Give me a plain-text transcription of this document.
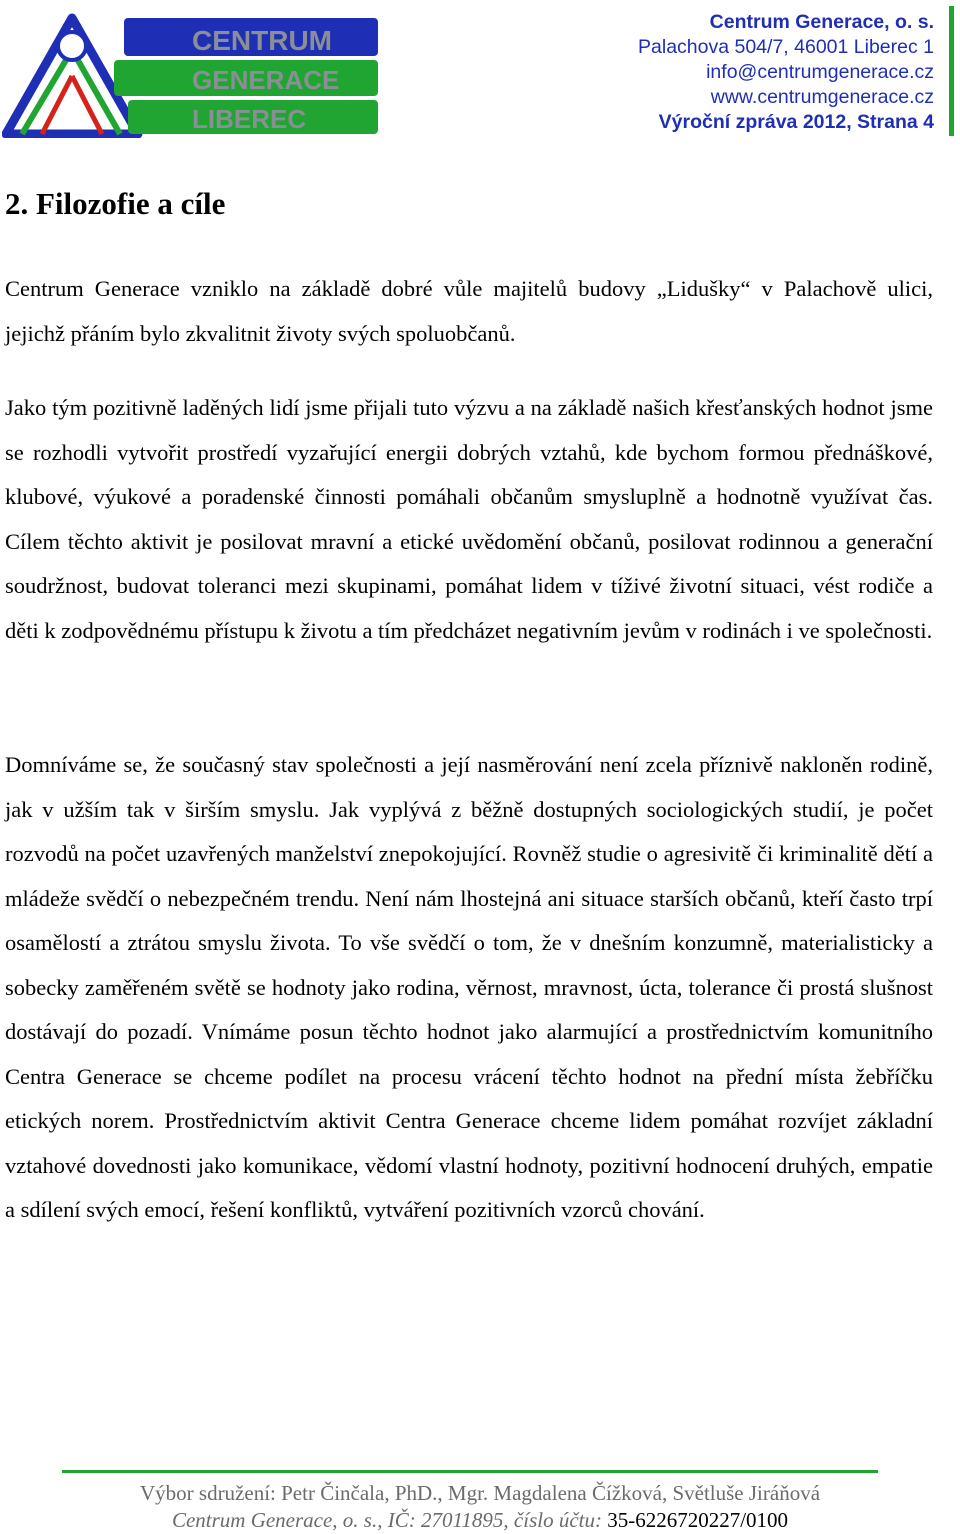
CENTRUM
GENERACE
LIBEREC
Centrum Generace, o. s.
Palachova 504/7, 46001 Liberec 1
info@centrumgenerace.cz
www.centrumgenerace.cz
Výroční zpráva 2012, Strana 4
2. Filozofie a cíle

Centrum Generace vzniklo na základě dobré vůle majitelů budovy „Lidušky“ v Palachově ulici, jejichž přáním bylo zkvalitnit životy svých spoluobčanů.

Jako tým pozitivně laděných lidí jsme přijali tuto výzvu a na základě našich křesťanských hodnot jsme se rozhodli vytvořit prostředí vyzařující energii dobrých vztahů, kde bychom formou přednáškové, klubové, výukové a poradenské činnosti pomáhali občanům smysluplně a hodnotně využívat čas. Cílem těchto aktivit je posilovat mravní a etické uvědomění občanů, posilovat rodinnou a generační soudržnost, budovat toleranci mezi skupinami, pomáhat lidem v tíživé životní situaci, vést rodiče a děti k zodpovědnému přístupu k životu a tím předcházet negativním jevům v rodinách i ve společnosti.

Domníváme se, že současný stav společnosti a její nasměrování není zcela příznivě nakloněn rodině, jak v užším tak v širším smyslu. Jak vyplývá z běžně dostupných sociologických studií, je počet rozvodů na počet uzavřených manželství znepokojující. Rovněž studie o agresivitě či kriminalitě dětí a mládeže svědčí o nebezpečném trendu. Není nám lhostejná ani situace starších občanů, kteří často trpí osamělostí a ztrátou smyslu života. To vše svědčí o tom, že v dnešním konzumně, materialisticky a sobecky zaměřeném světě se hodnoty jako rodina, věrnost, mravnost, úcta, tolerance či prostá slušnost dostávají do pozadí. Vnímáme posun těchto hodnot jako alarmující a prostřednictvím komunitního Centra Generace se chceme podílet na procesu vrácení těchto hodnot na přední místa žebříčku etických norem. Prostřednictvím aktivit Centra Generace chceme lidem pomáhat rozvíjet základní vztahové dovednosti jako komunikace, vědomí vlastní hodnoty, pozitivní hodnocení druhých, empatie a sdílení svých emocí, řešení konfliktů, vytváření pozitivních vzorců chování.

Výbor sdružení: Petr Činčala, PhD., Mgr. Magdalena Čížková, Světluše Jiráňová
Centrum Generace, o. s., IČ: 27011895, číslo účtu: 35-6226720227/0100
